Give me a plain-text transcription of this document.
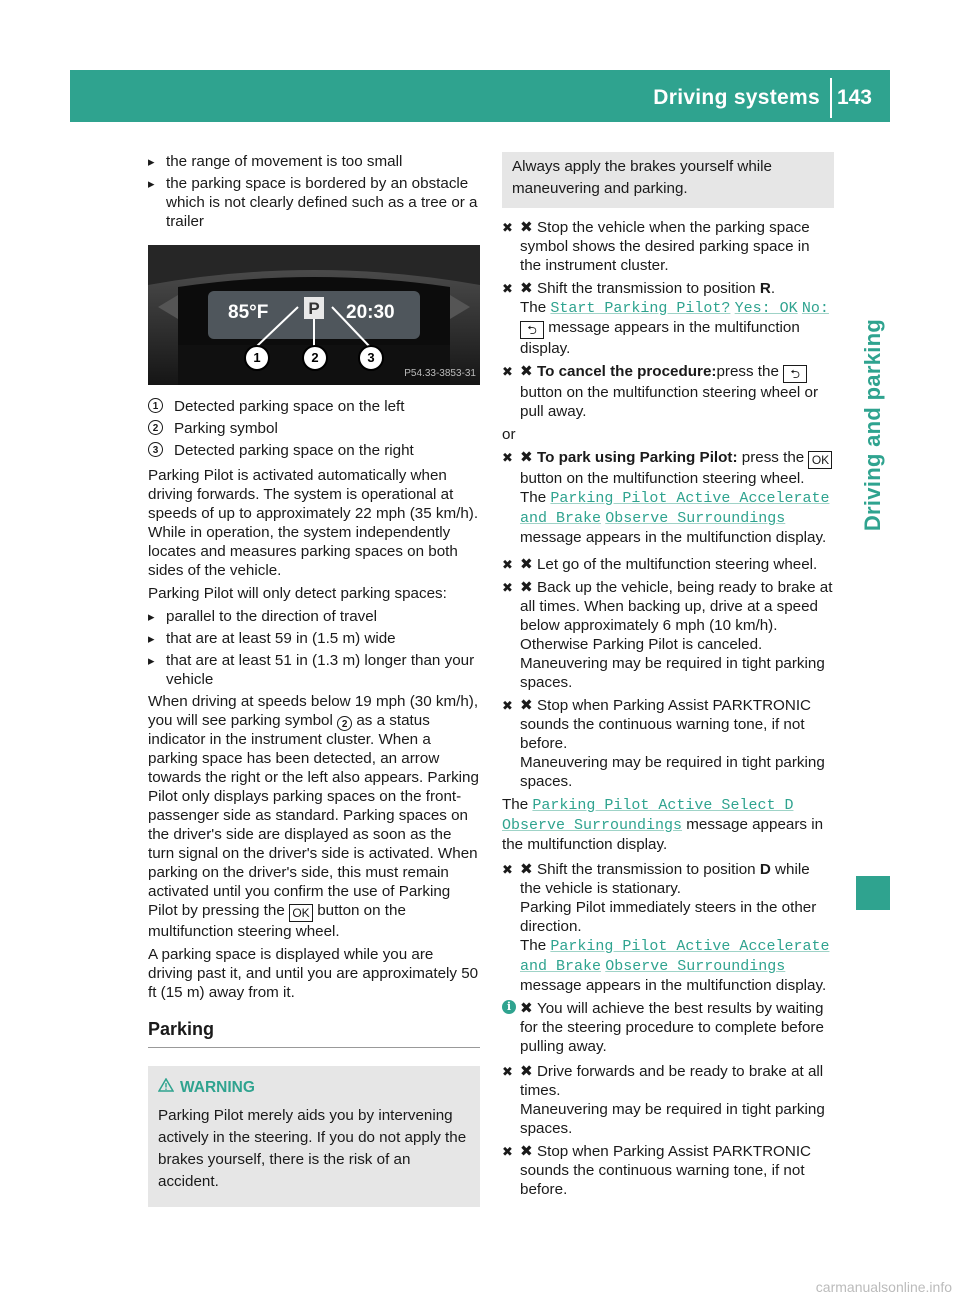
Driving systems 143
Driving and parking
▸ the range of movement is too small
▸ the parking space is bordered by an obstacle which is not clearly defined such as a tree or a trailer
85°F P 20:30
1	2	3
P54.33-3853-31
1	Detected parking space on the left
2	Parking symbol
3	Detected parking space on the right

Parking Pilot is activated automatically when driving forwards. The system is operational at speeds of up to approximately 22 mph (35 km/h). While in operation, the system independently locates and measures parking spaces on both sides of the vehicle.

Parking Pilot will only detect parking spaces:

▸ parallel to the direction of travel
▸ that are at least 59 in (1.5 m) wide
▸ that are at least 51 in (1.3 m) longer than your vehicle

When driving at speeds below 19 mph (30 km/h), you will see parking symbol 2 as a status indicator in the instrument cluster. When a parking space has been detected, an arrow towards the right or the left also appears. Parking Pilot only displays parking spaces on the front-passenger side as standard. Parking spaces on the driver's side are displayed as soon as the turn signal on the driver's side is activated. When parking on the driver's side, this must remain activated until you confirm the use of Parking Pilot by pressing the OK button on the multifunction steering wheel.

A parking space is displayed while you are driving past it, and until you are approximately 50 ft (15 m) away from it.

Parking
WARNING
Parking Pilot merely aids you by intervening actively in the steering. If you do not apply the brakes yourself, there is the risk of an accident.
Always apply the brakes yourself while maneuvering and parking.

✖ ✖ Stop the vehicle when the parking space symbol shows the desired parking space in the instrument cluster.

✖ ✖ Shift the transmission to position R.
The Start Parking Pilot? Yes: OK No:
⮌ message appears in the multifunction display.

✖ ✖ To cancel the procedure:press the ⮌ button on the multifunction steering wheel or pull away.

or

✖ ✖ To park using Parking Pilot: press the OK button on the multifunction steering wheel. The Parking Pilot Active Accelerate and Brake Observe Surroundings message appears in the multifunction display.

✖ ✖ Let go of the multifunction steering wheel.

✖ ✖ Back up the vehicle, being ready to brake at all times. When backing up, drive at a speed below approximately 6 mph (10 km/h). Otherwise Parking Pilot is canceled.
Maneuvering may be required in tight parking spaces.

✖ ✖ Stop when Parking Assist PARKTRONIC sounds the continuous warning tone, if not before.
Maneuvering may be required in tight parking spaces.

The Parking Pilot Active Select D Observe Surroundings message appears in the multifunction display.

✖ ✖ Shift the transmission to position D while the vehicle is stationary.
Parking Pilot immediately steers in the other direction.
The Parking Pilot Active Accelerate and Brake Observe Surroundings message appears in the multifunction display.

✖ i	You will achieve the best results by waiting for the steering procedure to complete before pulling away.

✖ ✖ Drive forwards and be ready to brake at all times.
Maneuvering may be required in tight parking spaces.

✖ ✖ Stop when Parking Assist PARKTRONIC sounds the continuous warning tone, if not before.
carmanualsonline.info
